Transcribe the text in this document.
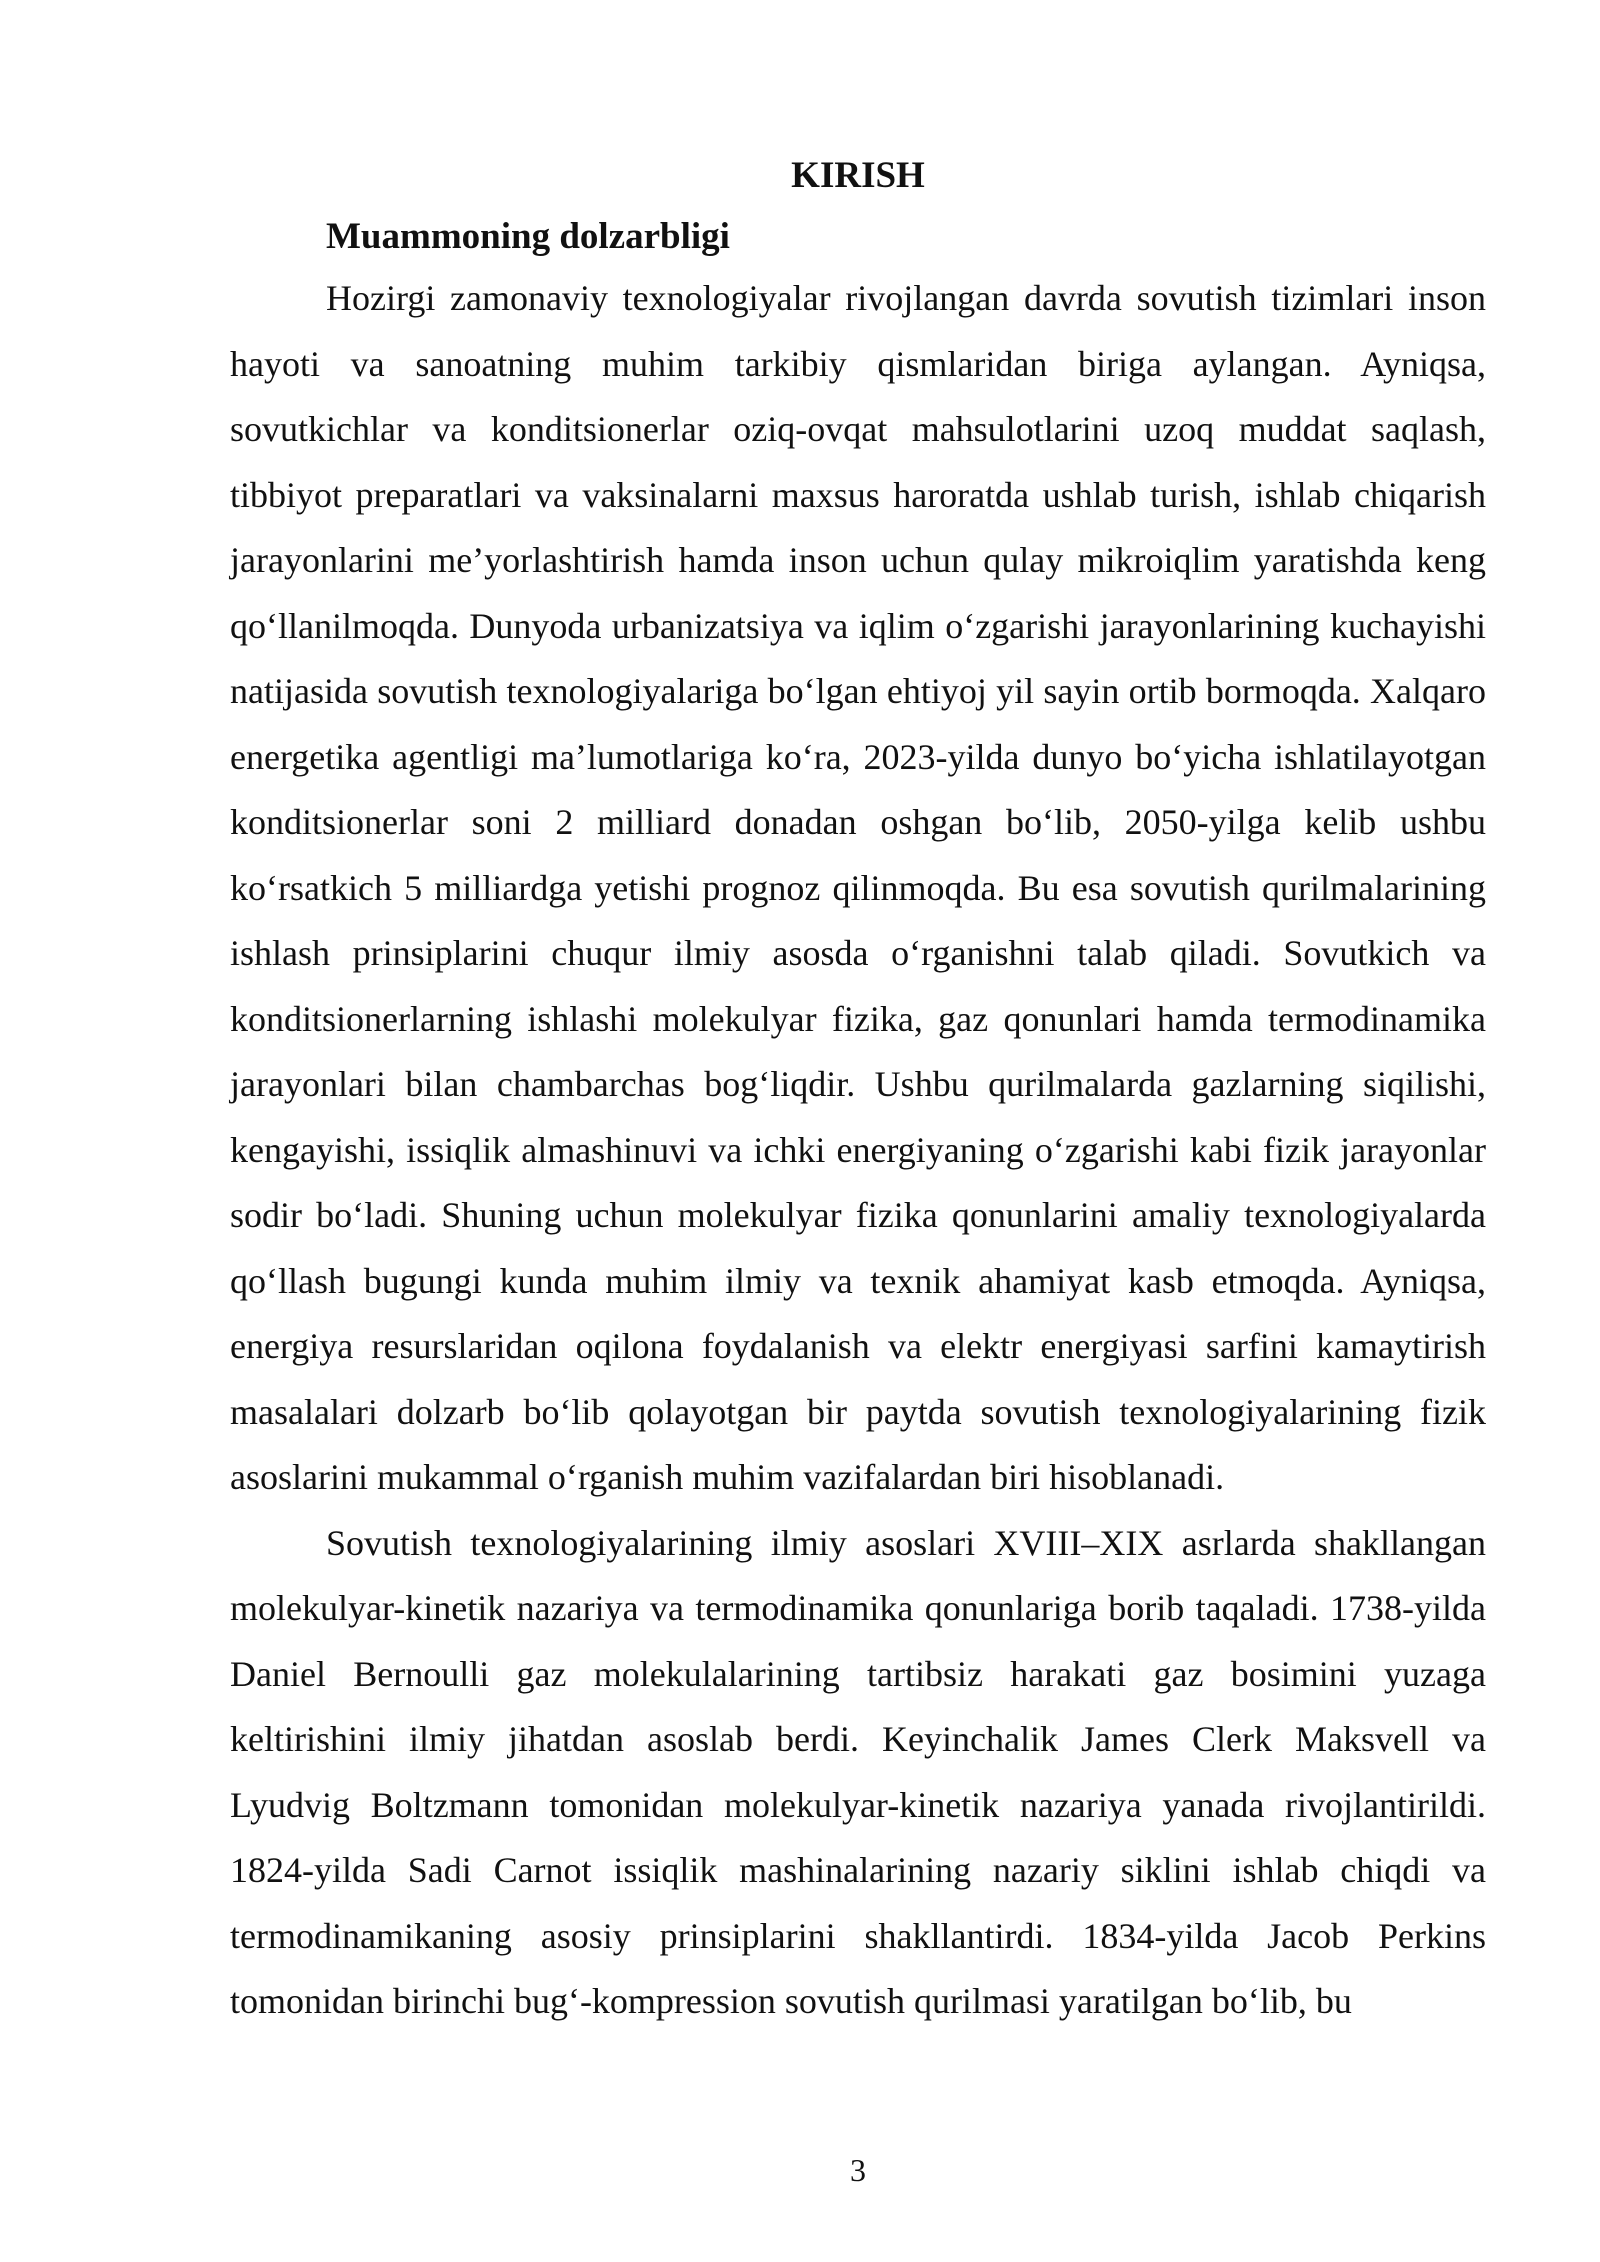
KIRISH
Muammoning dolzarbligi

Hozirgi zamonaviy texnologiyalar rivojlangan davrda sovutish tizimlari inson hayoti va sanoatning muhim tarkibiy qismlaridan biriga aylangan. Ayniqsa, sovutkichlar va konditsionerlar oziq-ovqat mahsulotlarini uzoq muddat saqlash, tibbiyot preparatlari va vaksinalarni maxsus haroratda ushlab turish, ishlab chiqarish jarayonlarini me’yorlashtirish hamda inson uchun qulay mikroiqlim yaratishda keng qo‘llanilmoqda. Dunyoda urbanizatsiya va iqlim o‘zgarishi jarayonlarining kuchayishi natijasida sovutish texnologiyalariga bo‘lgan ehtiyoj yil sayin ortib bormoqda. Xalqaro energetika agentligi ma’lumotlariga ko‘ra, 2023-yilda dunyo bo‘yicha ishlatilayotgan konditsionerlar soni 2 milliard donadan oshgan bo‘lib, 2050-yilga kelib ushbu ko‘rsatkich 5 milliardga yetishi prognoz qilinmoqda. Bu esa sovutish qurilmalarining ishlash prinsiplarini chuqur ilmiy asosda o‘rganishni talab qiladi. Sovutkich va konditsionerlarning ishlashi molekulyar fizika, gaz qonunlari hamda termodinamika jarayonlari bilan chambarchas bog‘liqdir. Ushbu qurilmalarda gazlarning siqilishi, kengayishi, issiqlik almashinuvi va ichki energiyaning o‘zgarishi kabi fizik jarayonlar sodir bo‘ladi. Shuning uchun molekulyar fizika qonunlarini amaliy texnologiyalarda qo‘llash bugungi kunda muhim ilmiy va texnik ahamiyat kasb etmoqda. Ayniqsa, energiya resurslaridan oqilona foydalanish va elektr energiyasi sarfini kamaytirish masalalari dolzarb bo‘lib qolayotgan bir paytda sovutish texnologiyalarining fizik asoslarini mukammal o‘rganish muhim vazifalardan biri hisoblanadi.

Sovutish texnologiyalarining ilmiy asoslari XVIII–XIX asrlarda shakllangan molekulyar-kinetik nazariya va termodinamika qonunlariga borib taqaladi. 1738-yilda Daniel Bernoulli gaz molekulalarining tartibsiz harakati gaz bosimini yuzaga keltirishini ilmiy jihatdan asoslab berdi. Keyinchalik James Clerk Maksvell va Lyudvig Boltzmann tomonidan molekulyar-kinetik nazariya yanada rivojlantirildi. 1824-yilda Sadi Carnot issiqlik mashinalarining nazariy siklini ishlab chiqdi va termodinamikaning asosiy prinsiplarini shakllantirdi. 1834-yilda Jacob Perkins tomonidan birinchi bug‘-kompression sovutish qurilmasi yaratilgan bo‘lib, bu

3
